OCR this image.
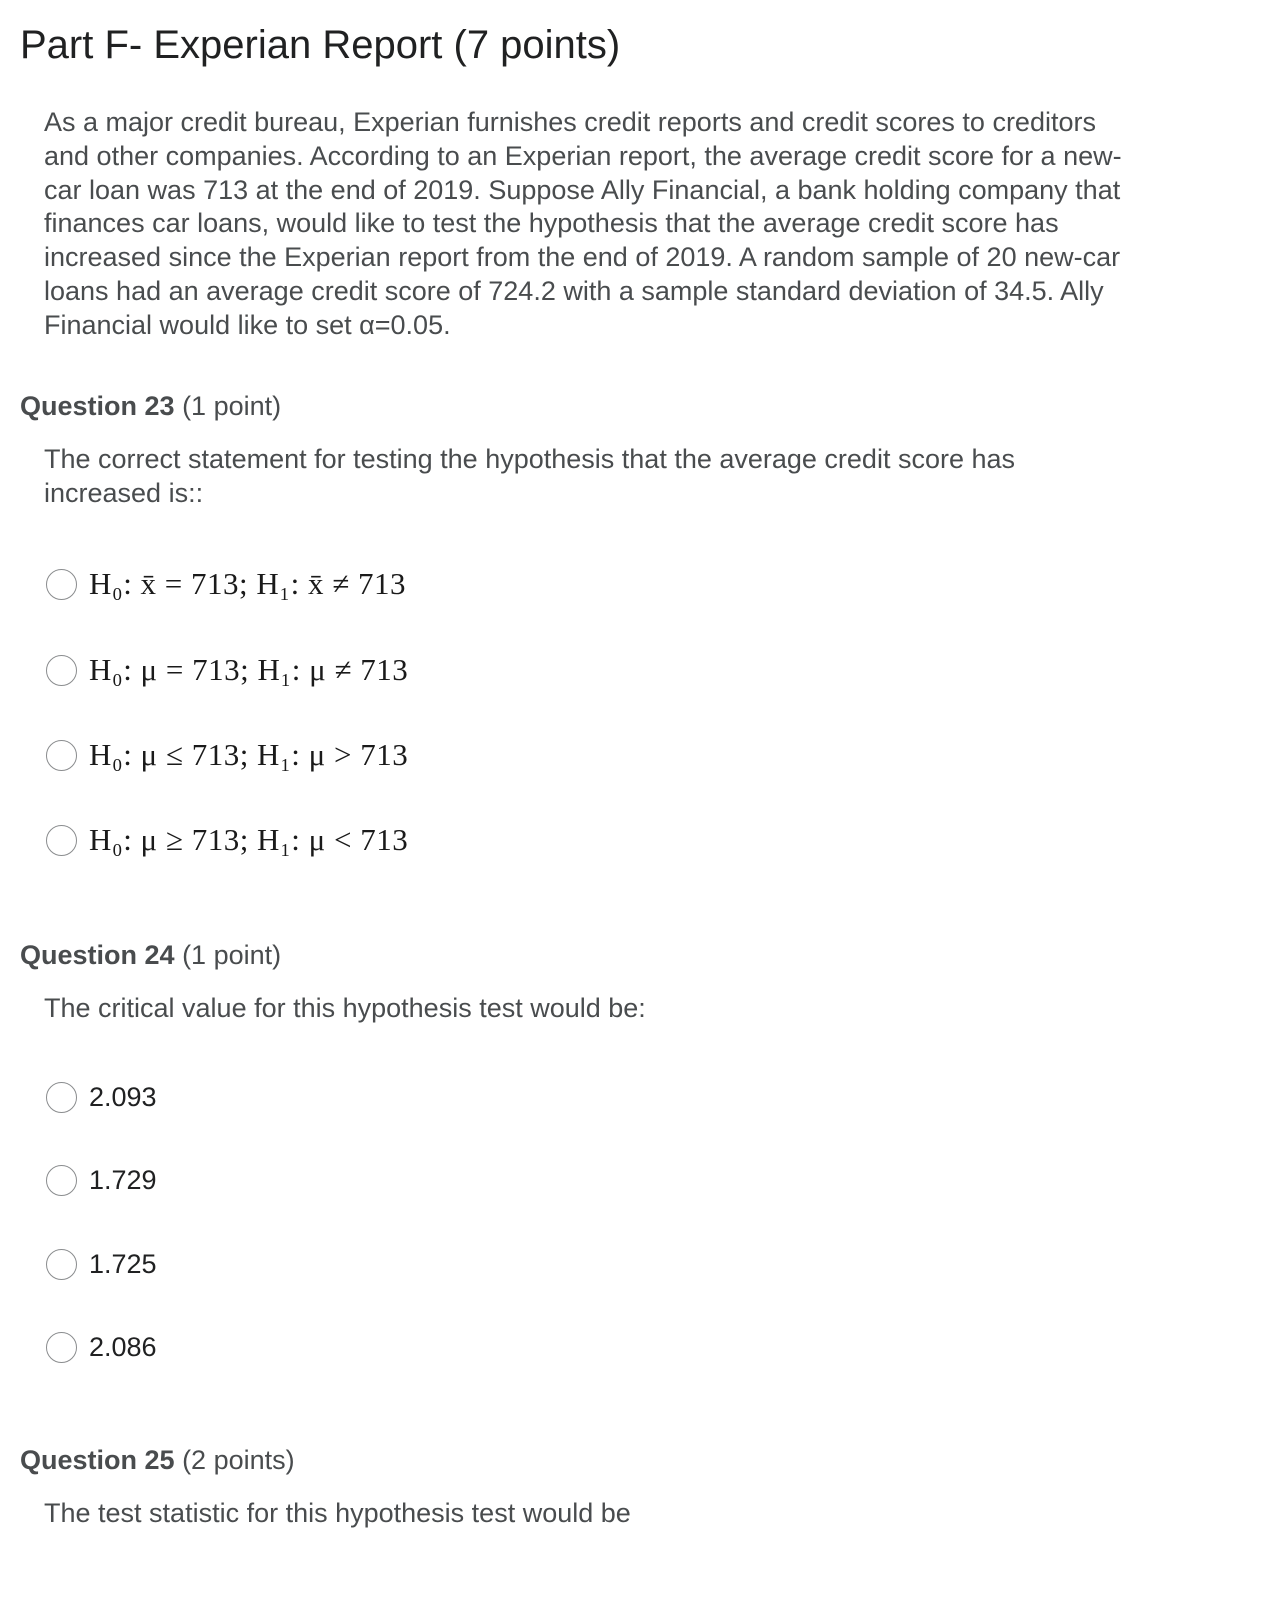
Part F- Experian Report (7 points)

As a major credit bureau, Experian furnishes credit reports and credit scores to creditors and other companies. According to an Experian report, the average credit score for a new-car loan was 713 at the end of 2019. Suppose Ally Financial, a bank holding company that finances car loans, would like to test the hypothesis that the average credit score has increased since the Experian report from the end of 2019. A random sample of 20 new-car loans had an average credit score of 724.2 with a sample standard deviation of 34.5. Ally Financial would like to set α=0.05.

Question 23 (1 point)

The correct statement for testing the hypothesis that the average credit score has increased is::

H₀: x̄ = 713; H₁: x̄ ≠ 713
H₀: μ = 713; H₁: μ ≠ 713
H₀: μ ≤ 713; H₁: μ > 713
H₀: μ ≥ 713; H₁: μ < 713
Question 24 (1 point)

The critical value for this hypothesis test would be:

2.093
1.729
1.725
2.086
Question 25 (2 points)

The test statistic for this hypothesis test would be
